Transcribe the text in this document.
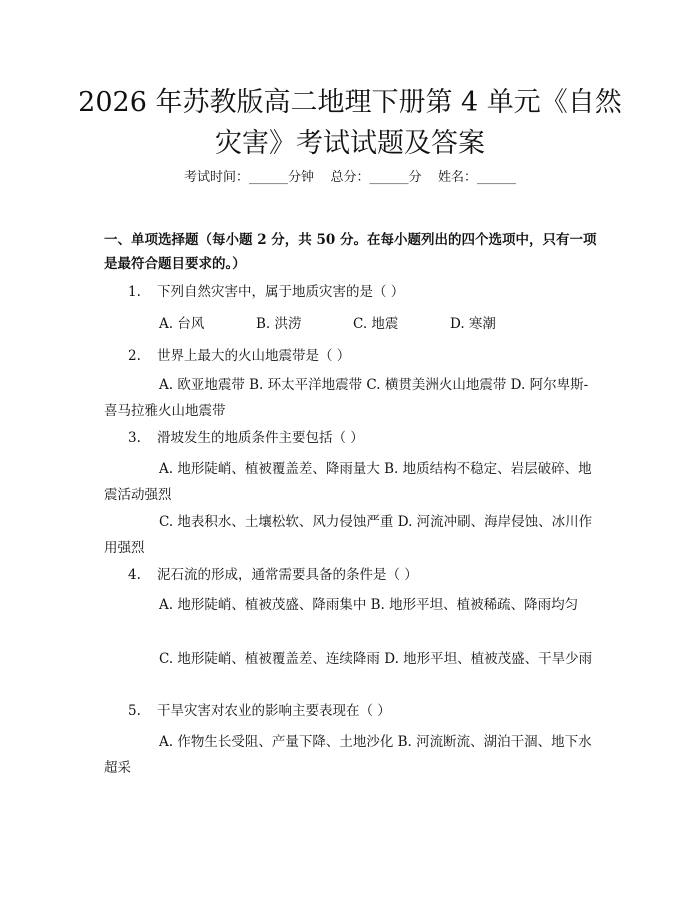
2026 年苏教版高二地理下册第 4 单元《自然
灾害》考试试题及答案
考试时间：______分钟    总分：______分    姓名：______

一、单项选择题（每小题 2 分，共 50 分。在每小题列出的四个选项中，只有一项是最符合题目要求的。）

1.	下列自然灾害中，属于地质灾害的是（ ）
A. 台风	B. 洪涝	C. 地震	D. 寒潮
2.	世界上最大的火山地震带是（ ）
A. 欧亚地震带 B. 环太平洋地震带 C. 横贯美洲火山地震带 D. 阿尔卑斯-喜马拉雅火山地震带
3.	滑坡发生的地质条件主要包括（ ）
A. 地形陡峭、植被覆盖差、降雨量大 B. 地质结构不稳定、岩层破碎、地震活动强烈
C. 地表积水、土壤松软、风力侵蚀严重 D. 河流冲刷、海岸侵蚀、冰川作用强烈
4.	泥石流的形成，通常需要具备的条件是（ ）
A. 地形陡峭、植被茂盛、降雨集中 B. 地形平坦、植被稀疏、降雨均匀
C. 地形陡峭、植被覆盖差、连续降雨 D. 地形平坦、植被茂盛、干旱少雨
5.	干旱灾害对农业的影响主要表现在（ ）
A. 作物生长受阻、产量下降、土地沙化 B. 河流断流、湖泊干涸、地下水超采
